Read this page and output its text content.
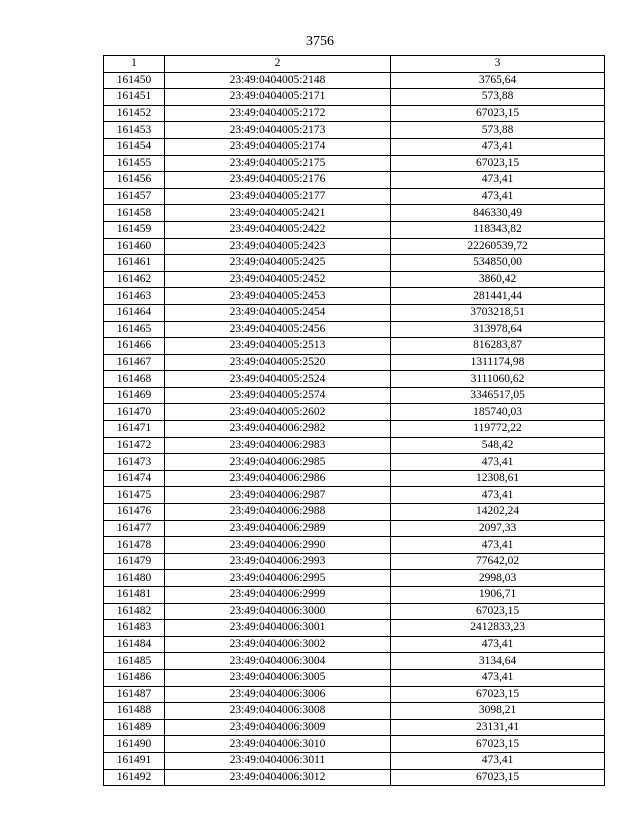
3756
1	2	3
161450	23:49:0404005:2148	3765,64
161451	23:49:0404005:2171	573,88
161452	23:49:0404005:2172	67023,15
161453	23:49:0404005:2173	573,88
161454	23:49:0404005:2174	473,41
161455	23:49:0404005:2175	67023,15
161456	23:49:0404005:2176	473,41
161457	23:49:0404005:2177	473,41
161458	23:49:0404005:2421	846330,49
161459	23:49:0404005:2422	118343,82
161460	23:49:0404005:2423	22260539,72
161461	23:49:0404005:2425	534850,00
161462	23:49:0404005:2452	3860,42
161463	23:49:0404005:2453	281441,44
161464	23:49:0404005:2454	3703218,51
161465	23:49:0404005:2456	313978,64
161466	23:49:0404005:2513	816283,87
161467	23:49:0404005:2520	1311174,98
161468	23:49:0404005:2524	3111060,62
161469	23:49:0404005:2574	3346517,05
161470	23:49:0404005:2602	185740,03
161471	23:49:0404006:2982	119772,22
161472	23:49:0404006:2983	548,42
161473	23:49:0404006:2985	473,41
161474	23:49:0404006:2986	12308,61
161475	23:49:0404006:2987	473,41
161476	23:49:0404006:2988	14202,24
161477	23:49:0404006:2989	2097,33
161478	23:49:0404006:2990	473,41
161479	23:49:0404006:2993	77642,02
161480	23:49:0404006:2995	2998,03
161481	23:49:0404006:2999	1906,71
161482	23:49:0404006:3000	67023,15
161483	23:49:0404006:3001	2412833,23
161484	23:49:0404006:3002	473,41
161485	23:49:0404006:3004	3134,64
161486	23:49:0404006:3005	473,41
161487	23:49:0404006:3006	67023,15
161488	23:49:0404006:3008	3098,21
161489	23:49:0404006:3009	23131,41
161490	23:49:0404006:3010	67023,15
161491	23:49:0404006:3011	473,41
161492	23:49:0404006:3012	67023,15
